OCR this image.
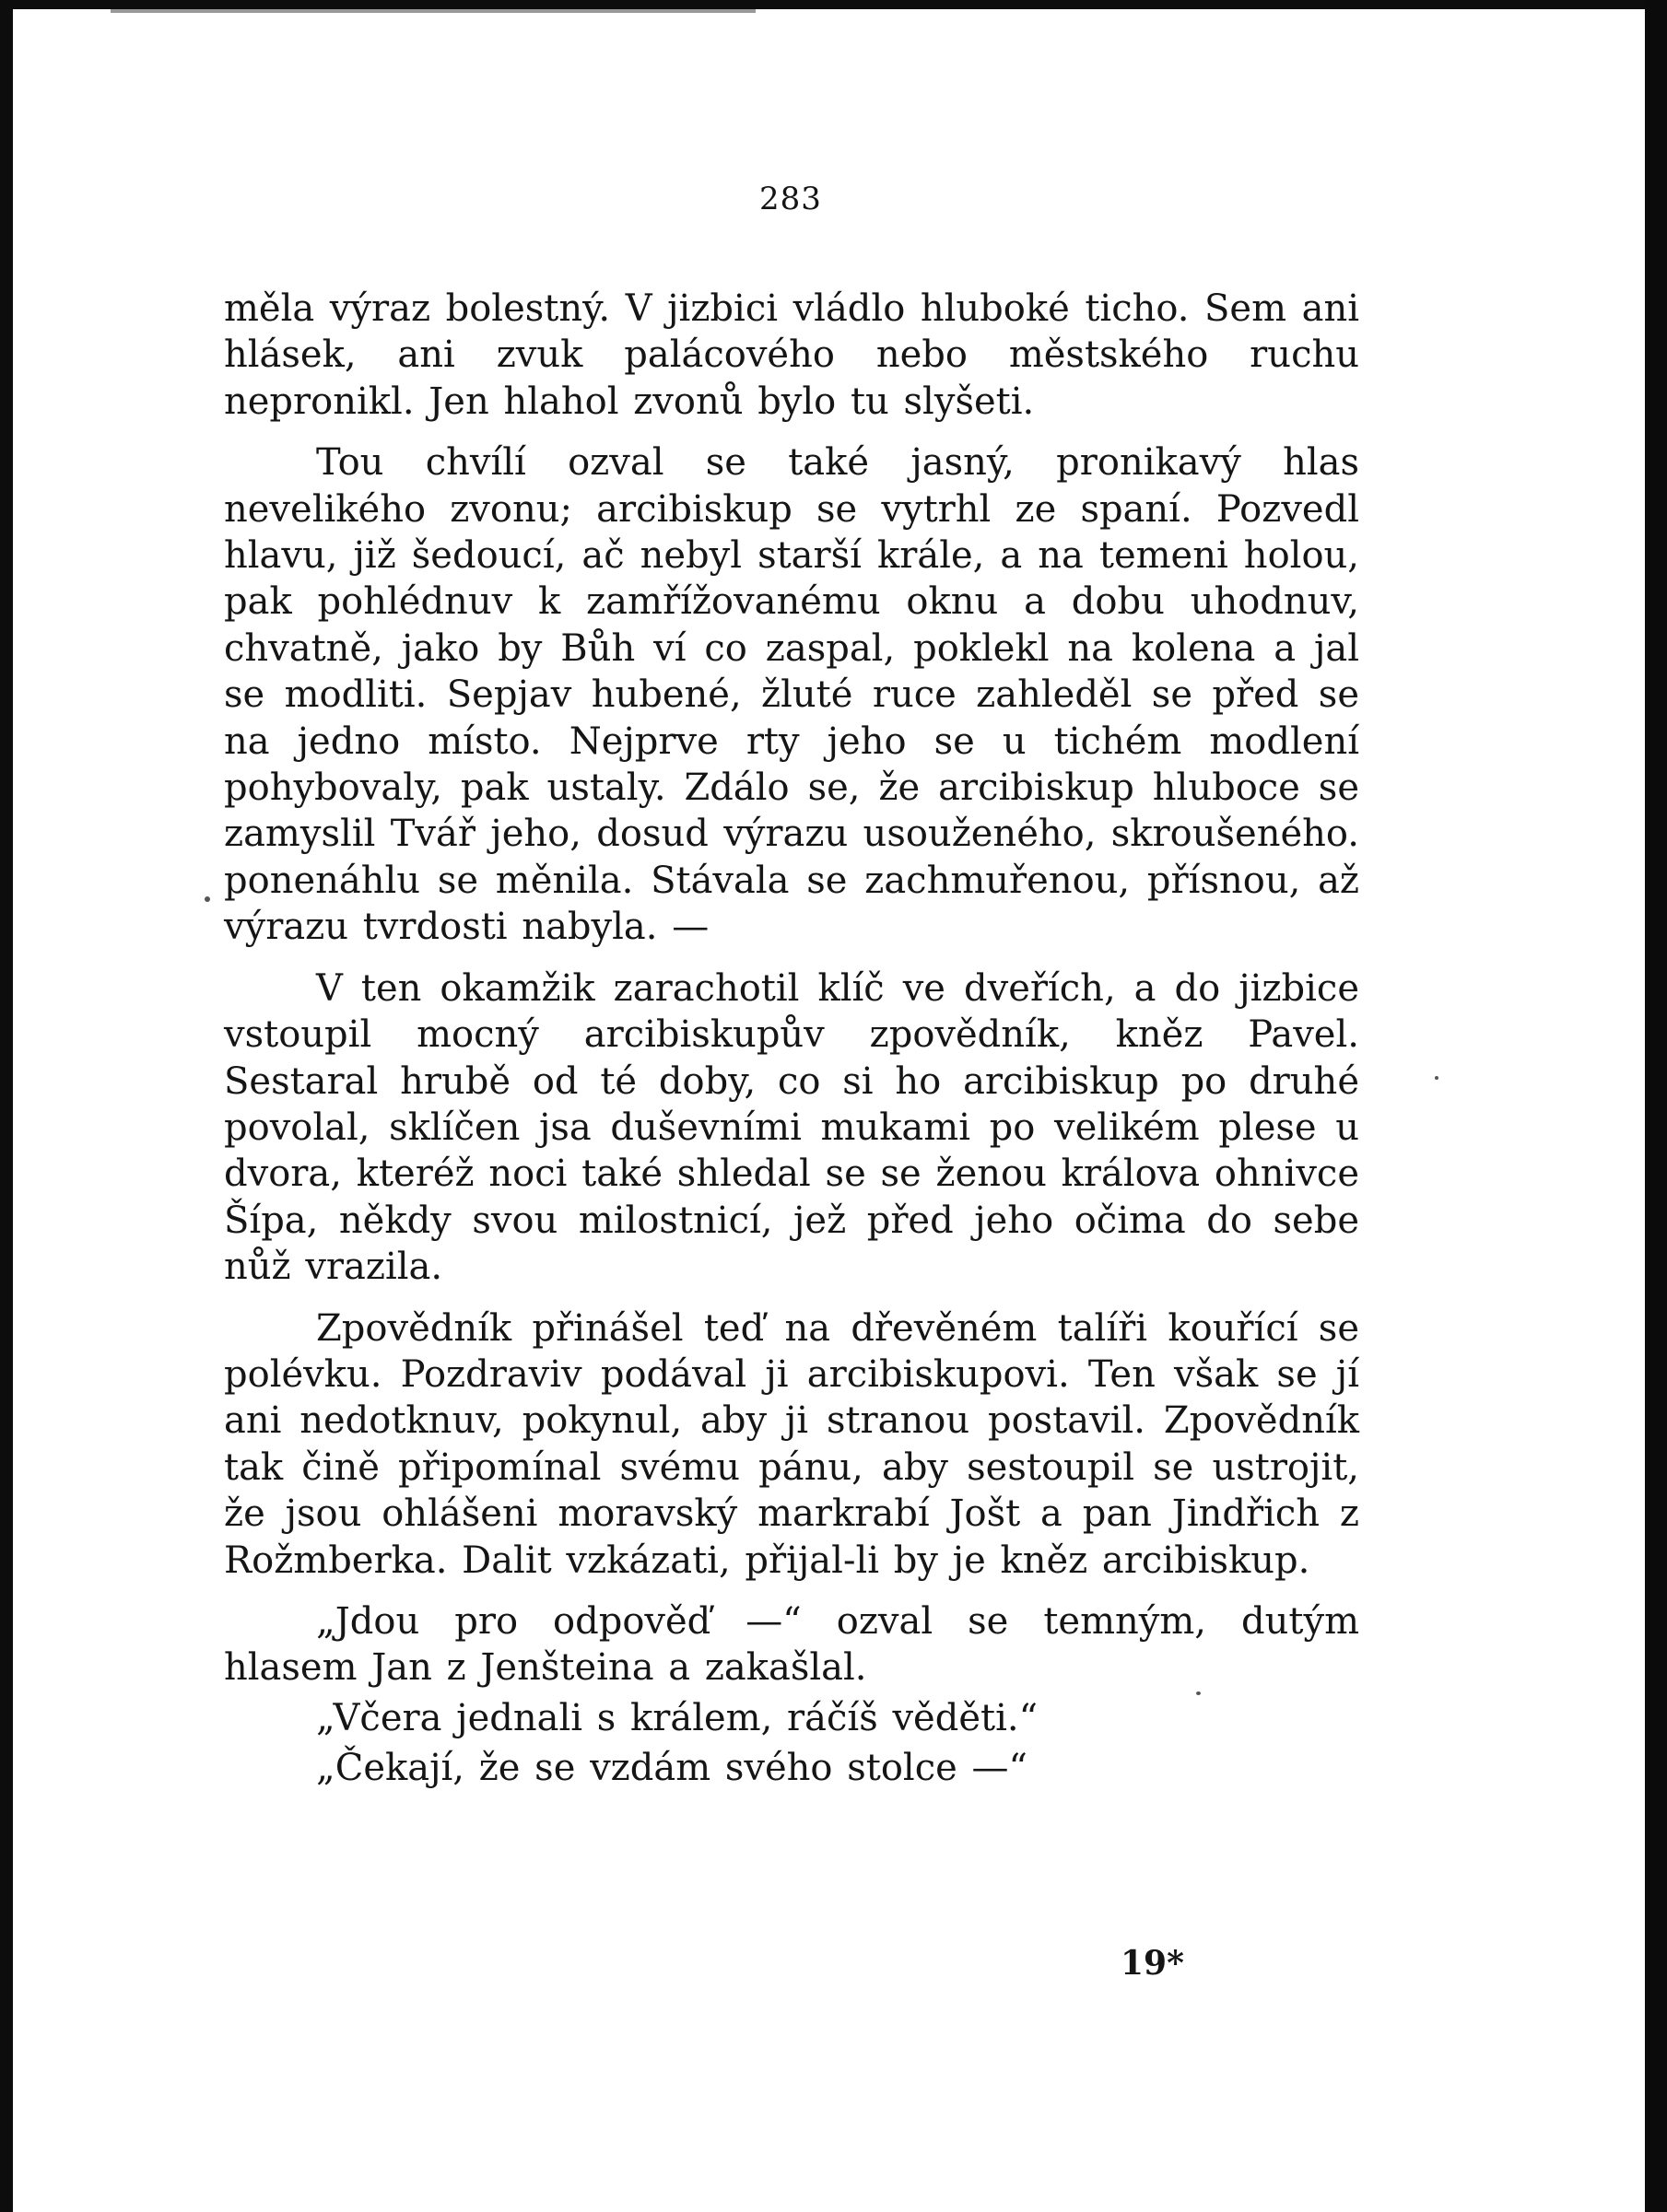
283

měla výraz bolestný. V jizbici vládlo hluboké ticho. Sem ani hlásek, ani zvuk palácového nebo městského ruchu nepronikl. Jen hlahol zvonů bylo tu slyšeti.

Tou chvílí ozval se také jasný, pronikavý hlas nevelikého zvonu; arcibiskup se vytrhl ze spaní. Pozvedl hlavu, již šedoucí, ač nebyl starší krále, a na temeni holou, pak pohlédnuv k zamřížovanému oknu a dobu uhodnuv, chvatně, jako by Bůh ví co zaspal, poklekl na kolena a jal se modliti. Sepjav hubené, žluté ruce zahleděl se před se na jedno místo. Nejprve rty jeho se u tichém modlení pohybovaly, pak ustaly. Zdálo se, že arcibiskup hluboce se zamyslil Tvář jeho, dosud výrazu usouženého, skroušeného. ponenáhlu se měnila. Stávala se zachmuřenou, přísnou, až výrazu tvrdosti nabyla. —

V ten okamžik zarachotil klíč ve dveřích, a do jizbice vstoupil mocný arcibiskupův zpovědník, kněz Pavel. Sestaral hrubě od té doby, co si ho arcibiskup po druhé povolal, sklíčen jsa duševními mukami po velikém plese u dvora, kteréž noci také shledal se se ženou králova ohnivce Šípa, někdy svou milostnicí, jež před jeho očima do sebe nůž vrazila.

Zpovědník přinášel teď na dřevěném talíři kouřící se polévku. Pozdraviv podával ji arcibiskupovi. Ten však se jí ani nedotknuv, pokynul, aby ji stranou postavil. Zpovědník tak čině připomínal svému pánu, aby sestoupil se ustrojit, že jsou ohlášeni moravský markrabí Jošt a pan Jindřich z Rožmberka. Dalit vzkázati, přijal-li by je kněz arcibiskup.

„Jdou pro odpověď —“ ozval se temným, dutým hlasem Jan z Jenšteina a zakašlal.

„Včera jednali s králem, ráčíš věděti.“

„Čekají, že se vzdám svého stolce —“

19*
